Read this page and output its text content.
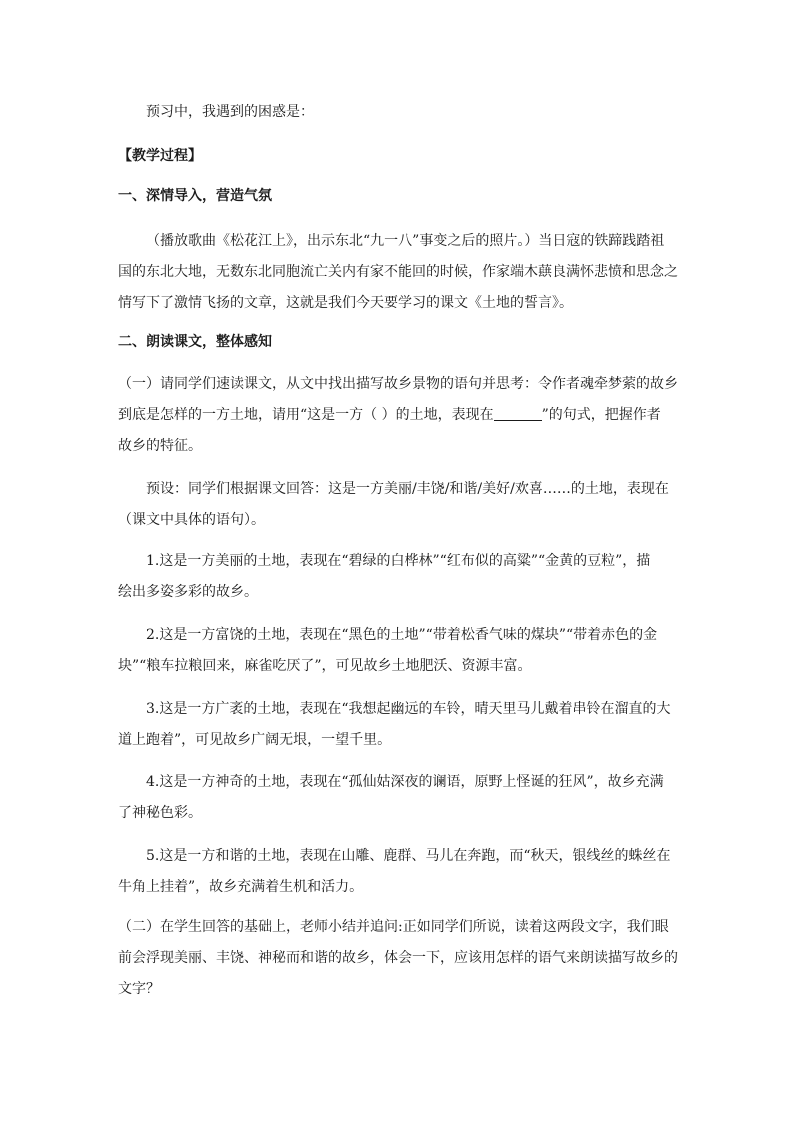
预习中，我遇到的困惑是：
【教学过程】
一、深情导入，营造气氛
（播放歌曲《松花江上》，出示东北“九一八”事变之后的照片。）当日寇的铁蹄践踏祖
国的东北大地，无数东北同胞流亡关内有家不能回的时候，作家端木蕻良满怀悲愤和思念之
情写下了激情飞扬的文章，这就是我们今天要学习的课文《土地的誓言》。
二、朗读课文，整体感知
（一）请同学们速读课文，从文中找出描写故乡景物的语句并思考：令作者魂牵梦萦的故乡
到底是怎样的一方土地，请用“这是一方（ ）的土地，表现在	”的句式，把握作者
故乡的特征。
预设：同学们根据课文回答：这是一方美丽/丰饶/和谐/美好/欢喜……的土地，表现在
（课文中具体的语句）。
1.这是一方美丽的土地，表现在“碧绿的白桦林”“红布似的高粱”“金黄的豆粒”，描
绘出多姿多彩的故乡。
2.这是一方富饶的土地，表现在“黑色的土地”“带着松香气味的煤块”“带着赤色的金
块”“粮车拉粮回来，麻雀吃厌了”，可见故乡土地肥沃、资源丰富。
3.这是一方广袤的土地，表现在“我想起幽远的车铃，晴天里马儿戴着串铃在溜直的大
道上跑着”，可见故乡广阔无垠，一望千里。
4.这是一方神奇的土地，表现在“孤仙姑深夜的谰语，原野上怪诞的狂风”，故乡充满
了神秘色彩。
5.这是一方和谐的土地，表现在山雕、鹿群、马儿在奔跑，而“秋天，银线丝的蛛丝在
牛角上挂着”，故乡充满着生机和活力。
（二）在学生回答的基础上，老师小结并追问:正如同学们所说，读着这两段文字，我们眼
前会浮现美丽、丰饶、神秘而和谐的故乡，体会一下，应该用怎样的语气来朗读描写故乡的
文字？
